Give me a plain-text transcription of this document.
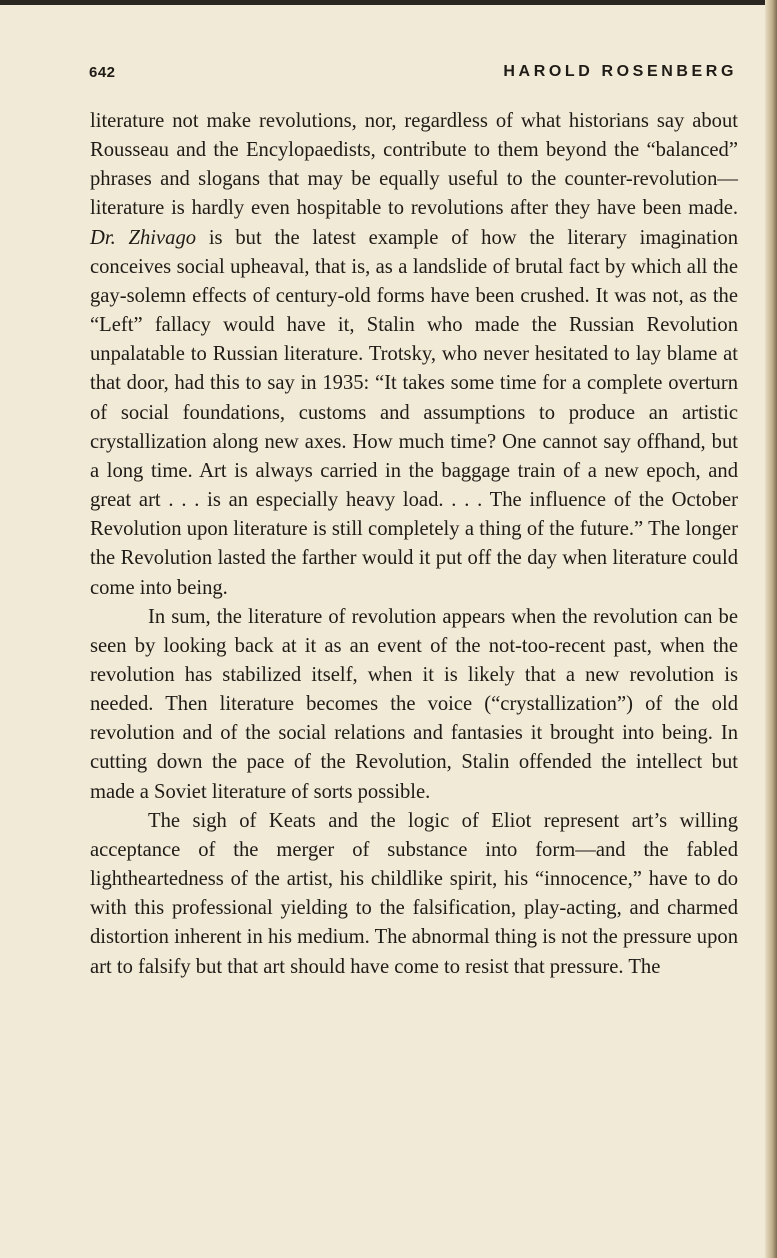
642	HAROLD ROSENBERG

literature not make revolutions, nor, regardless of what historians say about Rousseau and the Encylopaedists, contribute to them beyond the “balanced” phrases and slogans that may be equally useful to the counter-revolution—literature is hardly even hospitable to revolutions after they have been made. Dr. Zhivago is but the latest example of how the literary imagination conceives social upheaval, that is, as a landslide of brutal fact by which all the gay-solemn effects of century-old forms have been crushed. It was not, as the “Left” fallacy would have it, Stalin who made the Russian Revolution unpalatable to Russian literature. Trotsky, who never hesitated to lay blame at that door, had this to say in 1935: “It takes some time for a complete overturn of social foundations, customs and assumptions to produce an artistic crystallization along new axes. How much time? One cannot say offhand, but a long time. Art is always carried in the baggage train of a new epoch, and great art . . . is an especially heavy load. . . . The influence of the October Revolution upon literature is still completely a thing of the future.” The longer the Revolution lasted the farther would it put off the day when literature could come into being.

In sum, the literature of revolution appears when the revolution can be seen by looking back at it as an event of the not-too-recent past, when the revolution has stabilized itself, when it is likely that a new revolution is needed. Then literature becomes the voice (“crystallization”) of the old revolution and of the social relations and fantasies it brought into being. In cutting down the pace of the Revolution, Stalin offended the intellect but made a Soviet literature of sorts possible.

The sigh of Keats and the logic of Eliot represent art’s willing acceptance of the merger of substance into form—and the fabled lightheartedness of the artist, his childlike spirit, his “innocence,” have to do with this professional yielding to the falsification, play-acting, and charmed distortion inherent in his medium. The abnormal thing is not the pressure upon art to falsify but that art should have come to resist that pressure. The
